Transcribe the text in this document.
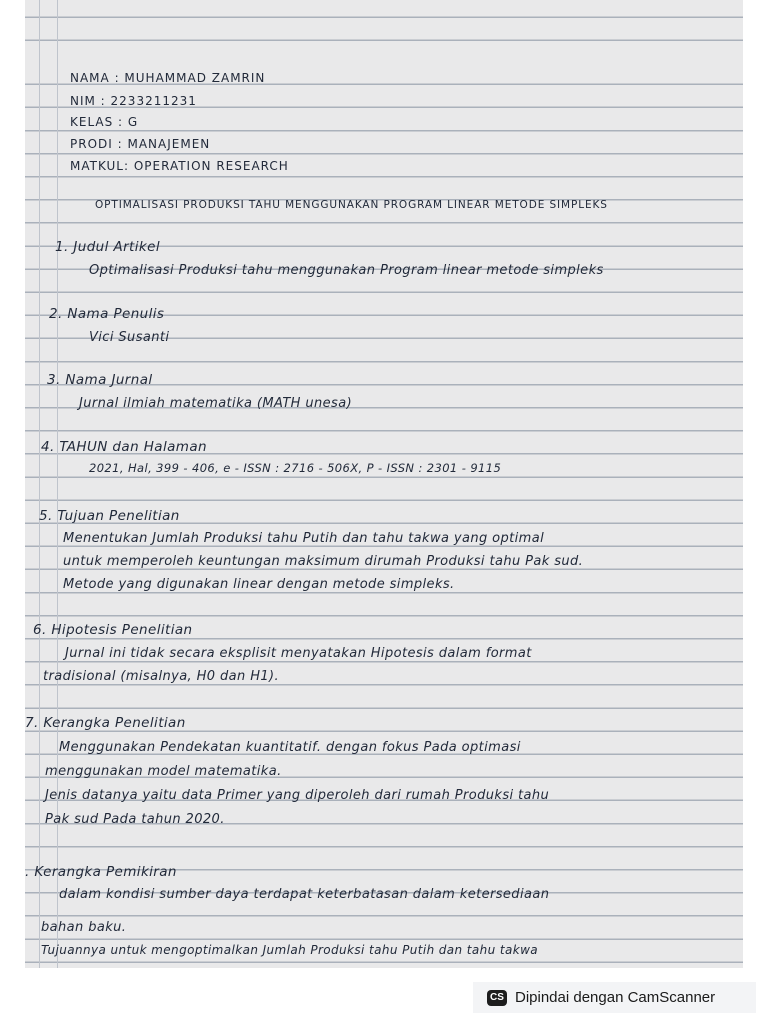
NAMA : MUHAMMAD ZAMRIN
NIM : 2233211231
KELAS : G
PRODI : MANAJEMEN
MATKUL: OPERATION RESEARCH
OPTIMALISASI PRODUKSI TAHU MENGGUNAKAN PROGRAM LINEAR METODE SIMPLEKS
1. Judul Artikel
Optimalisasi Produksi tahu menggunakan Program linear metode simpleks
2. Nama Penulis
Vici Susanti
3. Nama Jurnal
Jurnal ilmiah matematika (MATH unesa)
4. TAHUN dan Halaman
2021, Hal, 399 - 406, e - ISSN : 2716 - 506X, P - ISSN : 2301 - 9115
5. Tujuan Penelitian
Menentukan Jumlah Produksi tahu Putih dan tahu takwa yang optimal
untuk memperoleh keuntungan maksimum dirumah Produksi tahu Pak sud.
Metode yang digunakan linear dengan metode simpleks.
6. Hipotesis Penelitian
Jurnal ini tidak secara eksplisit menyatakan Hipotesis dalam format
tradisional (misalnya, H0 dan H1).
7. Kerangka Penelitian
Menggunakan Pendekatan kuantitatif. dengan fokus Pada optimasi
menggunakan model matematika.
Jenis datanya yaitu data Primer yang diperoleh dari rumah Produksi tahu
Pak sud Pada tahun 2020.
. Kerangka Pemikiran
dalam kondisi sumber daya terdapat keterbatasan dalam ketersediaan
bahan baku.
Tujuannya untuk mengoptimalkan Jumlah Produksi tahu Putih dan tahu takwa
CS Dipindai dengan CamScanner
